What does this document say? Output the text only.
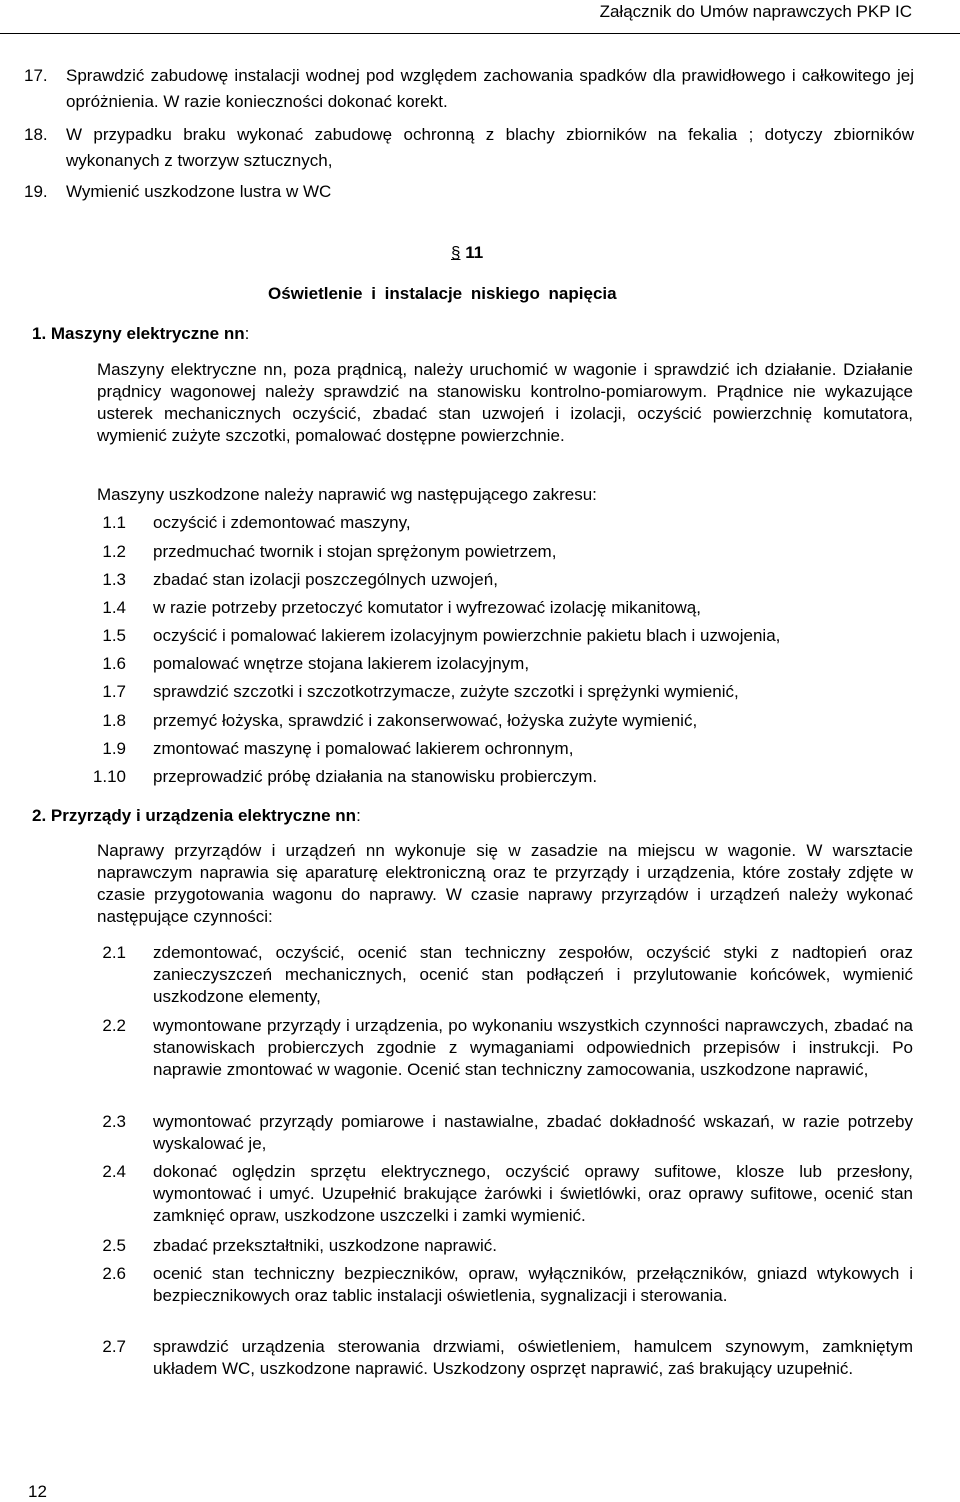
Załącznik do Umów naprawczych PKP IC
17. Sprawdzić zabudowę instalacji wodnej pod względem zachowania spadków dla prawidłowego i całkowitego jej opróżnienia. W razie konieczności dokonać korekt.
18. W przypadku braku wykonać zabudowę ochronną z blachy zbiorników na fekalia ; dotyczy zbiorników wykonanych z tworzyw sztucznych,
19. Wymienić uszkodzone lustra w WC
§ 11
Oświetlenie i instalacje niskiego napięcia
1. Maszyny elektryczne nn:

Maszyny elektryczne nn, poza prądnicą, należy uruchomić w wagonie i sprawdzić ich działanie. Działanie prądnicy wagonowej należy sprawdzić na stanowisku kontrolno-pomiarowym. Prądnice nie wykazujące usterek mechanicznych oczyścić, zbadać stan uzwojeń i izolacji, oczyścić powierzchnię komutatora, wymienić zużyte szczotki, pomalować dostępne powierzchnie.

Maszyny uszkodzone należy naprawić wg następującego zakresu:

1.1 oczyścić i zdemontować maszyny,
1.2 przedmuchać twornik i stojan sprężonym powietrzem,
1.3 zbadać stan izolacji poszczególnych uzwojeń,
1.4 w razie potrzeby przetoczyć komutator i wyfrezować izolację mikanitową,
1.5 oczyścić i pomalować lakierem izolacyjnym powierzchnie pakietu blach i uzwojenia,
1.6 pomalować wnętrze stojana lakierem izolacyjnym,
1.7 sprawdzić szczotki i szczotkotrzymacze, zużyte szczotki i sprężynki wymienić,
1.8 przemyć łożyska, sprawdzić i zakonserwować, łożyska zużyte wymienić,
1.9 zmontować maszynę i pomalować lakierem ochronnym,
1.10 przeprowadzić próbę działania na stanowisku probierczym.
2. Przyrządy i urządzenia elektryczne nn:

Naprawy przyrządów i urządzeń nn wykonuje się w zasadzie na miejscu w wagonie. W warsztacie naprawczym naprawia się aparaturę elektroniczną oraz te przyrządy i urządzenia, które zostały zdjęte w czasie przygotowania wagonu do naprawy. W czasie naprawy przyrządów i urządzeń należy wykonać następujące czynności:

2.1 zdemontować, oczyścić, ocenić stan techniczny zespołów, oczyścić styki z nadtopień oraz zanieczyszczeń mechanicznych, ocenić stan podłączeń i przylutowanie końcówek, wymienić uszkodzone elementy,
2.2 wymontowane przyrządy i urządzenia, po wykonaniu wszystkich czynności naprawczych, zbadać na stanowiskach probierczych zgodnie z wymaganiami odpowiednich przepisów i instrukcji. Po naprawie zmontować w wagonie. Ocenić stan techniczny zamocowania, uszkodzone naprawić,
2.3 wymontować przyrządy pomiarowe i nastawialne, zbadać dokładność wskazań, w razie potrzeby wyskalować je,
2.4 dokonać oględzin sprzętu elektrycznego, oczyścić oprawy sufitowe, klosze lub przesłony, wymontować i umyć. Uzupełnić brakujące żarówki i świetlówki, oraz oprawy sufitowe, ocenić stan zamknięć opraw, uszkodzone uszczelki i zamki wymienić.
2.5 zbadać przekształtniki, uszkodzone naprawić.
2.6 ocenić stan techniczny bezpieczników, opraw, wyłączników, przełączników, gniazd wtykowych i bezpiecznikowych oraz tablic instalacji oświetlenia, sygnalizacji i sterowania.
2.7 sprawdzić urządzenia sterowania drzwiami, oświetleniem, hamulcem szynowym, zamkniętym układem WC, uszkodzone naprawić. Uszkodzony osprzęt naprawić, zaś brakujący uzupełnić.
12
